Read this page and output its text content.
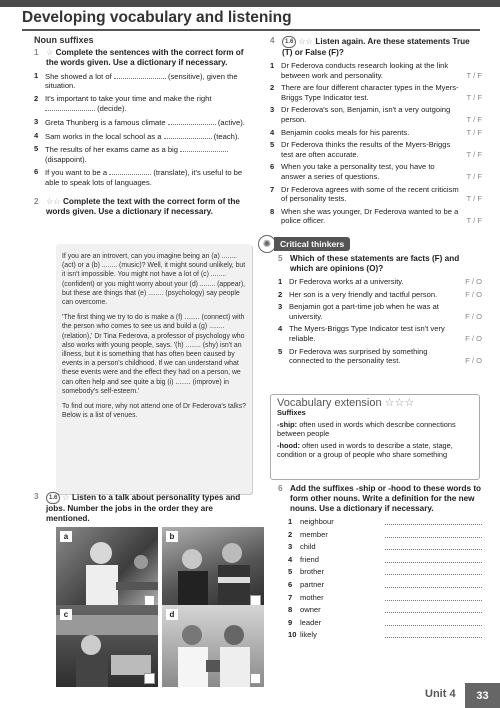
Developing vocabulary and listening
Noun suffixes
1 ☆ Complete the sentences with the correct form of the words given. Use a dictionary if necessary.
1 She showed a lot of	(sensitive), given the situation.
2 It's important to take your time and make the right  (decide).
3 Greta Thunberg is a famous climate	(active).
4 Sam works in the local school as a	(teach).
5 The results of her exams came as a big  (disappoint).
6 If you want to be a	(translate), it's useful to be able to speak lots of languages.
2 ☆☆ Complete the text with the correct form of the words given. Use a dictionary if necessary.

If you are an introvert, can you imagine being an (a) ........ (act) or a (b) ........ (music)? Well, it might sound unlikely, but it isn't impossible. You might not have a lot of (c) ........ (confident) or you might worry about your (d) ........ (appear), but these are things that (e) ........ (psychology) say people can overcome.

'The first thing we try to do is make a (f) ........ (connect) with the person who comes to see us and build a (g) ........ (relation),' Dr Tina Federova, a professor of psychology who also works with young people, says. '(h) ........ (shy) isn't an illness, but it is something that has often been caused by events in a person's childhood. If we can understand what these events were and the effect they had on a person, we can often help and see quite a big (i) ........ (improve) in somebody's self-esteem.'

To find out more, why not attend one of Dr Federova's talks? Below is a list of venues.

3	1.6 ☆ Listen to a talk about personality types and jobs. Number the jobs in the order they are mentioned.
a	b
c	d
4	1.6 ☆☆ Listen again. Are these statements True (T) or False (F)?
1 Dr Federova conducts research looking at the link between work and personality.	T / F
2 There are four different character types in the Myers-Briggs Type Indicator test.	T / F
3 Dr Federova's son, Benjamin, isn't a very outgoing person.	T / F
4 Benjamin cooks meals for his parents.	T / F
5 Dr Federova thinks the results of the Myers-Briggs test are often accurate.	T / F
6 When you take a personality test, you have to answer a series of questions.	T / F
7 Dr Federova agrees with some of the recent criticism of personality tests.	T / F
8 When she was younger, Dr Federova wanted to be a police officer.	T / F
✺	Critical thinkers
5 Which of these statements are facts (F) and which are opinions (O)?
1 Dr Federova works at a university.	F / O
2 Her son is a very friendly and tactful person.	F / O
3 Benjamin got a part-time job when he was at university.	F / O
4 The Myers-Briggs Type Indicator test isn't very reliable.	F / O
5 Dr Federova was surprised by something connected to the personality test.	F / O
Vocabulary extension ☆☆☆
Suffixes
-ship: often used in words which describe connections between people
-hood: often used in words to describe a state, stage, condition or a group of people who share something
6 Add the suffixes -ship or -hood to these words to form other nouns. Write a definition for the new nouns. Use a dictionary if necessary.
1	neighbour
2	member
3	child
4	friend
5	brother
6	partner
7	mother
8	owner
9	leader
10 likely
Unit 4	33
